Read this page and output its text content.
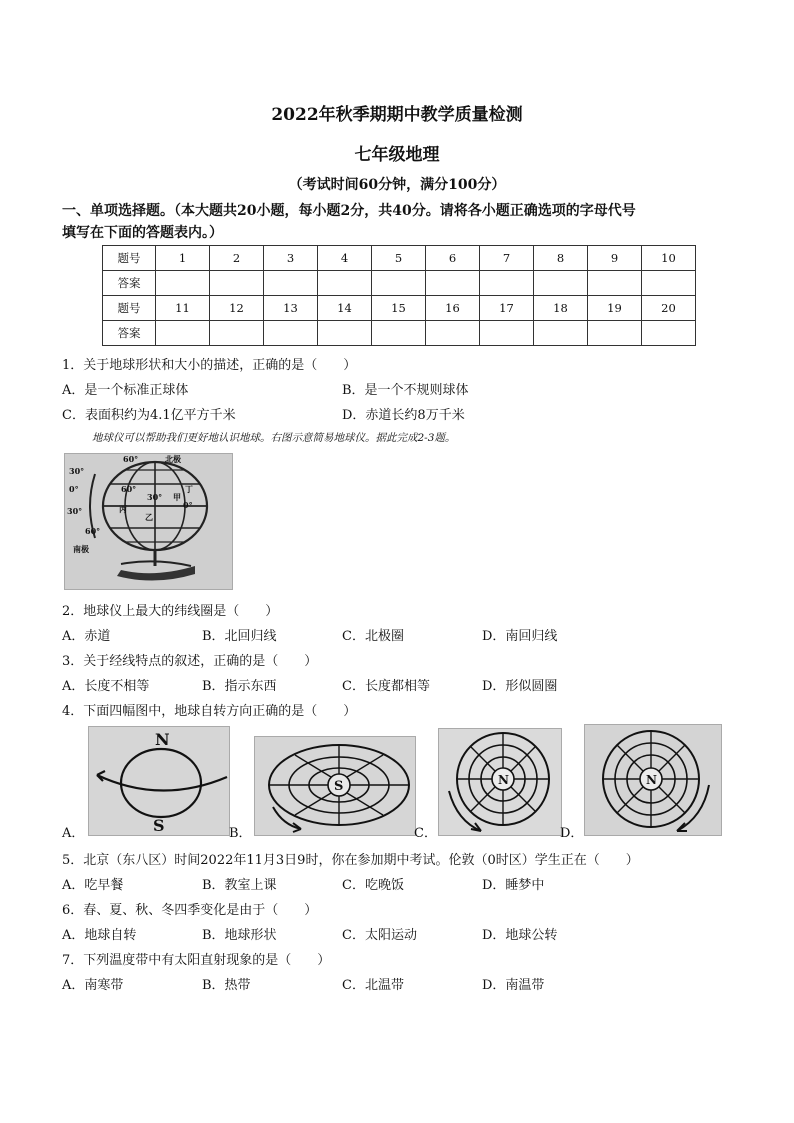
2022年秋季期期中教学质量检测
七年级地理
（考试时间60分钟，满分100分）
一、单项选择题。（本大题共20小题，每小题2分，共40分。请将各小题正确选项的字母代号
填写在下面的答题表内。）
题号	1	2	3	4	5	6	7	8	9	10
答案										
题号	11	12	13	14	15	16	17	18	19	20
答案										
1．关于地球形状和大小的描述，正确的是（　　）
A．是一个标准正球体	B．是一个不规则球体
C．表面积约为4.1亿平方千米	D．赤道长约8万千米
地球仪可以帮助我们更好地认识地球。右图示意简易地球仪。据此完成2-3题。
60°	北极
30°
0°
30°
60°
南极
60°
30°
0°
甲
乙
丙
丁
2．地球仪上最大的纬线圈是（　　）
A．赤道	B．北回归线	C．北极圈	D．南回归线
3．关于经线特点的叙述，正确的是（　　）
A．长度不相等	B．指示东西	C．长度都相等	D．形似圆圈
4．下面四幅图中，地球自转方向正确的是（　　）
A．
N
S	B．
S
C．
N
D．
N
5．北京（东八区）时间2022年11月3日9时，你在参加期中考试。伦敦（0时区）学生正在（　　）
A．吃早餐	B．教室上课	C．吃晚饭	D．睡梦中
6．春、夏、秋、冬四季变化是由于（　　）
A．地球自转	B．地球形状	C．太阳运动	D．地球公转
7．下列温度带中有太阳直射现象的是（　　）
A．南寒带	B．热带	C．北温带	D．南温带
